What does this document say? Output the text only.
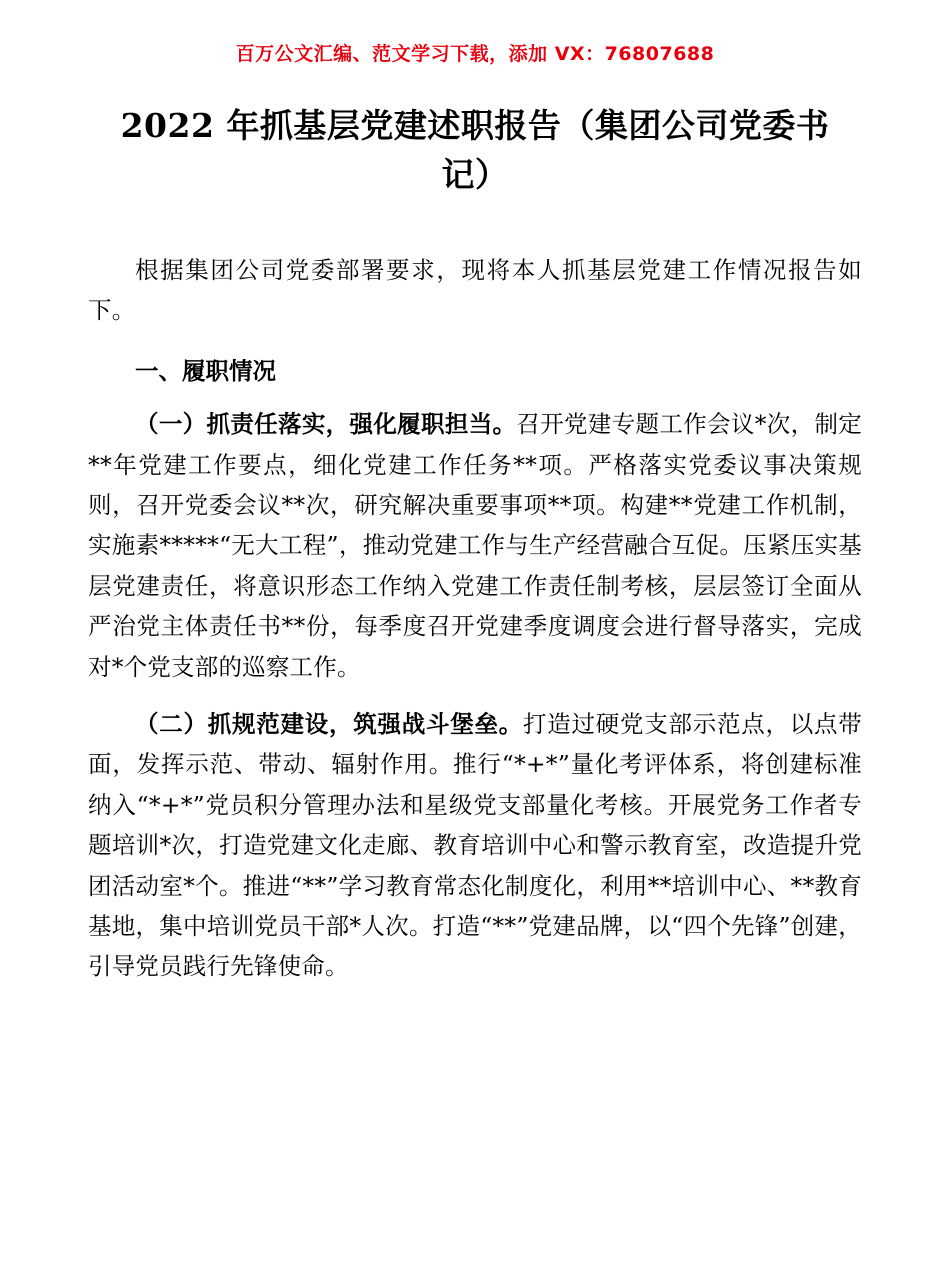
百万公文汇编、范文学习下载，添加 VX：76807688
2022 年抓基层党建述职报告（集团公司党委书记）

根据集团公司党委部署要求，现将本人抓基层党建工作情况报告如下。

一、履职情况

（一）抓责任落实，强化履职担当。召开党建专题工作会议*次，制定**年党建工作要点，细化党建工作任务**项。严格落实党委议事决策规则，召开党委会议**次，研究解决重要事项**项。构建**党建工作机制，实施素*****“无大工程”，推动党建工作与生产经营融合互促。压紧压实基层党建责任，将意识形态工作纳入党建工作责任制考核，层层签订全面从严治党主体责任书**份，每季度召开党建季度调度会进行督导落实，完成对*个党支部的巡察工作。

（二）抓规范建设，筑强战斗堡垒。打造过硬党支部示范点，以点带面，发挥示范、带动、辐射作用。推行“*+*”量化考评体系，将创建标准纳入“*+*”党员积分管理办法和星级党支部量化考核。开展党务工作者专题培训*次，打造党建文化走廊、教育培训中心和警示教育室，改造提升党团活动室*个。推进“**”学习教育常态化制度化，利用**培训中心、**教育基地，集中培训党员干部*人次。打造“**”党建品牌，以“四个先锋”创建，引导党员践行先锋使命。
